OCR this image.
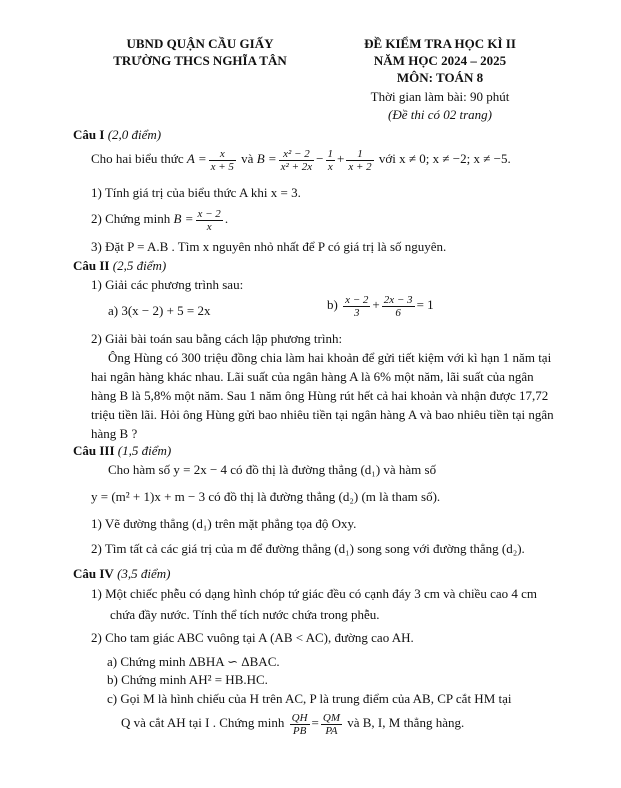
UBND QUẬN CẦU GIẤY
TRƯỜNG THCS NGHĨA TÂN
ĐỀ KIỂM TRA HỌC KÌ II
NĂM HỌC 2024 – 2025
MÔN: TOÁN 8
Thời gian làm bài: 90 phút
(Đề thi có 02 trang)
Câu I (2,0 điểm)
Cho hai biểu thức $A = \frac{x}{x + 5}$ và $B = \frac{\text{x² − 2}}{\text{x² + 2x}} - \frac{1}{x} + \frac{1}{x + 2}$ với x ≠ 0; x ≠ −2; x ≠ −5.
1) Tính giá trị của biểu thức A khi x = 3.
2) Chứng minh $B = \frac{x - 2}{x}$ .
3) Đặt P = A.B . Tìm x nguyên nhỏ nhất để P có giá trị là số nguyên.
Câu II (2,5 điểm)
1) Giải các phương trình sau:
a) 3(x − 2) + 5 = 2x	$b) \frac{x - 2}{3} + \frac{2x - 3}{6} = 1$
2) Giải bài toán sau bằng cách lập phương trình:
Ông Hùng có 300 triệu đồng chia làm hai khoản để gửi tiết kiệm với kì hạn 1 năm tại
hai ngân hàng khác nhau. Lãi suất của ngân hàng A là 6% một năm, lãi suất của ngân
hàng B là 5,8% một năm. Sau 1 năm ông Hùng rút hết cả hai khoản và nhận được 17,72
triệu tiền lãi. Hỏi ông Hùng gửi bao nhiêu tiền tại ngân hàng A và bao nhiêu tiền tại ngân
hàng B ?
Câu III (1,5 điểm)
Cho hàm số y = 2x − 4 có đồ thị là đường thẳng (d₁) và hàm số
y = (m² + 1)x + m − 3 có đồ thị là đường thẳng (d₂) (m là tham số).
1) Vẽ đường thẳng (d₁) trên mặt phẳng tọa độ Oxy.
2) Tìm tất cả các giá trị của m để đường thẳng (d₁) song song với đường thẳng (d₂).
Câu IV (3,5 điểm)
1) Một chiếc phễu có dạng hình chóp tứ giác đều có cạnh đáy 3 cm và chiều cao 4 cm
chứa đầy nước. Tính thể tích nước chứa trong phễu.
2) Cho tam giác ABC vuông tại A (AB < AC), đường cao AH.
a) Chứng minh ΔBHA ∽ ΔBAC.
b) Chứng minh AH² = HB.HC.
c) Gọi M là hình chiếu của H trên AC, P là trung điểm của AB, CP cắt HM tại
Q và cắt AH tại I . Chứng minh $\frac{QH}{PB} = \frac{QM}{PA}$ và B, I, M thẳng hàng.
